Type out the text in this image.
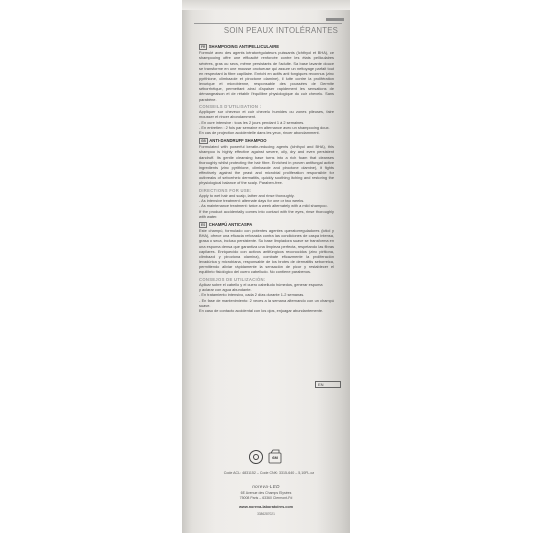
SOIN PEAUX INTOLÉRANTES
FR SHAMPOOING ANTIPELLICULAIRE
Formulé avec des agents kératorégulateurs puissants (Ichthyol et BHA), ce shampooing offre une efficacité renforcée contre les états pelliculaires sévères, gras ou secs, même persistants de l'adulte. Sa base lavante douce se transforme en une mousse onctueuse qui assure un nettoyage parfait tout en respectant la fibre capillaire. Enrichi en actifs anti fongiques reconnus (zinc pyrithione, climbazole et piroctone olamine), il lutte contre la prolifération levurique et microbienne, responsable des poussées de Dermite séborrhéique, permettant ainsi d'apaiser rapidement les sensations de démangeaison et de rétablir l'équilibre physiologique du cuir chevelu. Sans parabène.
CONSEILS D'UTILISATION :
Appliquer sur cheveux et cuir chevelu humides ou zones pileuses, faire mousser et rincer abondamment.
- En cure intensive : tous les 2 jours pendant 1 à 2 semaines.
- En entretien : 2 fois par semaine en alternance avec un shampooing doux.
En cas de projection accidentelle dans les yeux, rincer abondamment.
GB ANTI-DANDRUFF SHAMPOO
Formulated with powerful keratin-reducing agents (ichthyol and BHA), this shampoo is highly effective against severe, oily, dry and even persistent dandruff. Its gentle cleansing base turns into a rich foam that cleanses thoroughly whilst protecting the hair fibre. Enriched in proven antifungal active ingredients (zinc pyrithione, climbazole and piroctone olamine), it fights effectively against the yeast and microbial proliferation responsible for outbreaks of seborrheic dermatitis, quickly soothing itching and restoring the physiological balance of the scalp. Paraben-free.
DIRECTIONS FOR USE:
Apply to wet hair and scalp, lather and rinse thoroughly.
- As intensive treatment: alternate days for one or two weeks.
- As maintenance treatment: twice a week alternately with a mild shampoo.
If the product accidentally comes into contact with the eyes, rinse thoroughly with water.
ES CHAMPÚ ANTICASPA
Este champú, formulado con potentes agentes queratorreguladores (ictiol y BHA), ofrece una eficacia reforzada contra las condiciones de caspa intensa, grasa o seca, incluso persistente. Su base limpiadora suave se transforma en una espuma densa que garantiza una limpieza perfecta, respetando las fibras capilares. Enriquecido con activos antifúngicos reconocidos (zinc piritiona, climbazol y piroctona olamina), combate eficazmente la proliferación levadúrica y microbiana, responsable de los brotes de dermatitis seborreica, permitiendo aliviar rápidamente la sensación de picor y restablecer el equilibrio fisiológico del cuero cabelludo. No contiene parabenos.
CONSEJOS DE UTILIZACIÓN:
Aplicar sobre el cabello y el cuero cabelludo húmedos, generar espuma
y aclarar con agua abundante.
- En tratamiento intensivo, cada 2 días durante 1-2 semanas.
- En fase de mantenimiento: 2 veces a la semana alternando con un champú suave.
En caso de contacto accidental con los ojos, enjuagar abundantemente.
EN
6M
Code ACL: 4831152 – Code CNK: 3315-640 – 5,10FL.oz
noreva-LED
6E Avenue des Champs Elysées
75008 Paris – 63360 Clermont-Fd
www.noreva-laboratoires.com
3386287021
